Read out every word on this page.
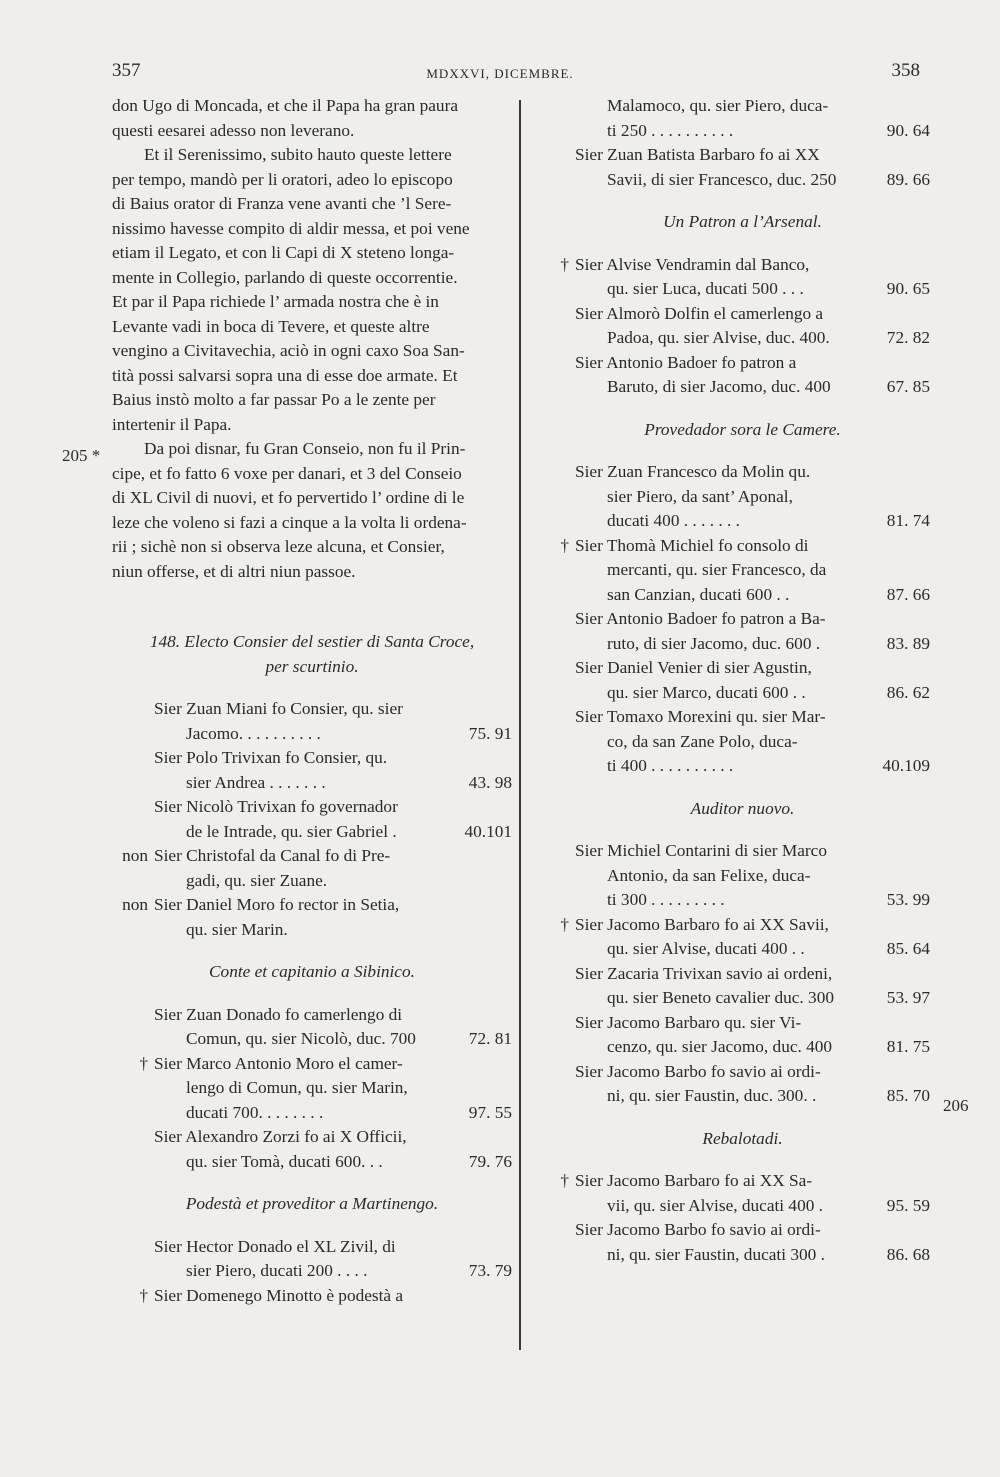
357	MDXXVI, DICEMBRE.	358
205 *
206
don Ugo di Moncada, et che il Papa ha gran paura
questi eesarei adesso non leverano.
Et il Serenissimo, subito hauto queste lettere
per tempo, mandò per li oratori, adeo lo episcopo
di Baius orator di Franza vene avanti che ’l Sere-
nissimo havesse compito di aldir messa, et poi vene
etiam il Legato, et con li Capi di X steteno longa-
mente in Collegio, parlando di queste occorrentie.
Et par il Papa richiede l’ armada nostra che è in
Levante vadi in boca di Tevere, et queste altre
vengino a Civitavechia, aciò in ogni caxo Soa San-
tità possi salvarsi sopra una di esse doe armate. Et
Baius instò molto a far passar Po a le zente per
intertenir il Papa.
Da poi disnar, fu Gran Conseio, non fu il Prin-
cipe, et fo fatto 6 voxe per danari, et 3 del Conseio
di XL Civil di nuovi, et fo pervertido l’ ordine di le
leze che voleno si fazi a cinque a la volta li ordena-
rii ; sichè non si observa leze alcuna, et Consier,
niun offerse, et di altri niun passoe.
148. Electo Consier del sestier di Santa Croce,
per scurtinio.
Sier Zuan Miani fo Consier, qu. sier
Jacomo. . . . . . . . . .	75. 91
Sier Polo Trivixan fo Consier, qu.
sier Andrea . . . . . . .	43. 98
Sier Nicolò Trivixan fo governador
de le Intrade, qu. sier Gabriel .	40.101
non Sier Christofal da Canal fo di Pre-
gadi, qu. sier Zuane.
non Sier Daniel Moro fo rector in Setia,
qu. sier Marin.
Conte et capitanio a Sibinico.
Sier Zuan Donado fo camerlengo di
Comun, qu. sier Nicolò, duc. 700	72. 81
† Sier Marco Antonio Moro el camer-
lengo di Comun, qu. sier Marin,
ducati 700. . . . . . . .	97. 55
Sier Alexandro Zorzi fo ai X Officii,
qu. sier Tomà, ducati 600. . .	79. 76
Podestà et proveditor a Martinengo.
Sier Hector Donado el XL Zivil, di
sier Piero, ducati 200 . . . .	73. 79
† Sier Domenego Minotto è podestà a
Malamoco, qu. sier Piero, duca-
ti 250 . . . . . . . . . .	90. 64
Sier Zuan Batista Barbaro fo ai XX
Savii, di sier Francesco, duc. 250	89. 66
Un Patron a l’Arsenal.
† Sier Alvise Vendramin dal Banco,
qu. sier Luca, ducati 500 . . .	90. 65
Sier Almorò Dolfin el camerlengo a
Padoa, qu. sier Alvise, duc. 400.	72. 82
Sier Antonio Badoer fo patron a
Baruto, di sier Jacomo, duc. 400	67. 85
Provedador sora le Camere.
Sier Zuan Francesco da Molin qu.
sier Piero, da sant’ Aponal,
ducati 400 . . . . . . .	81. 74
† Sier Thomà Michiel fo consolo di
mercanti, qu. sier Francesco, da
san Canzian, ducati 600 . .	87. 66
Sier Antonio Badoer fo patron a Ba-
ruto, di sier Jacomo, duc. 600 .	83. 89
Sier Daniel Venier di sier Agustin,
qu. sier Marco, ducati 600 . .	86. 62
Sier Tomaxo Morexini qu. sier Mar-
co, da san Zane Polo, duca-
ti 400 . . . . . . . . . .	40.109
Auditor nuovo.
Sier Michiel Contarini di sier Marco
Antonio, da san Felixe, duca-
ti 300 . . . . . . . . .	53. 99
† Sier Jacomo Barbaro fo ai XX Savii,
qu. sier Alvise, ducati 400 . .	85. 64
Sier Zacaria Trivixan savio ai ordeni,
qu. sier Beneto cavalier duc. 300	53. 97
Sier Jacomo Barbaro qu. sier Vi-
cenzo, qu. sier Jacomo, duc. 400	81. 75
Sier Jacomo Barbo fo savio ai ordi-
ni, qu. sier Faustin, duc. 300. .	85. 70
Rebalotadi.
† Sier Jacomo Barbaro fo ai XX Sa-
vii, qu. sier Alvise, ducati 400 .	95. 59
Sier Jacomo Barbo fo savio ai ordi-
ni, qu. sier Faustin, ducati 300 .	86. 68
